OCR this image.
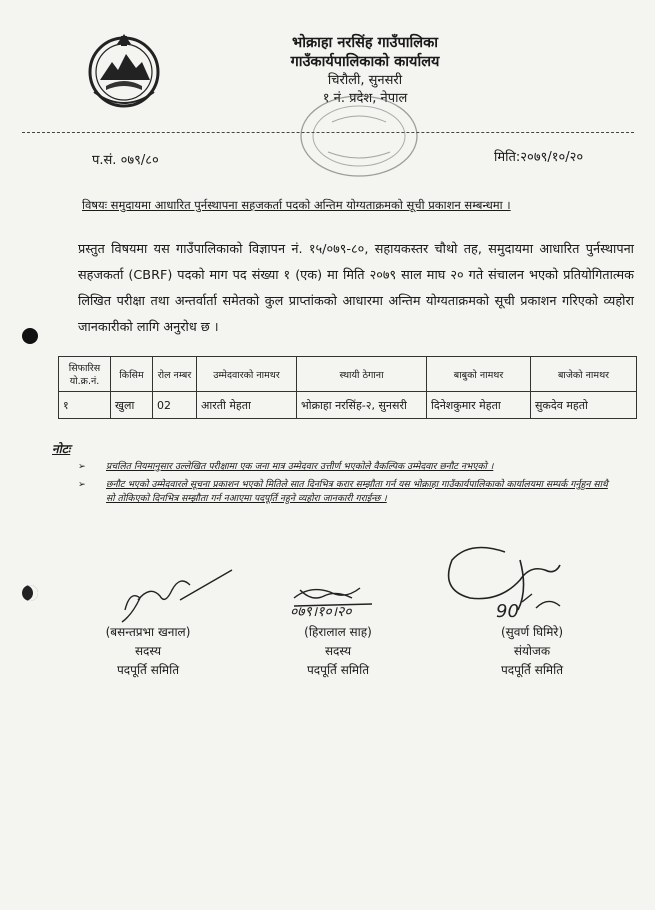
भोक्राहा नरसिंह गाउँपालिका
गाउँकार्यपालिकाको कार्यालय
चिरौली, सुनसरी
१ नं. प्रदेश, नेपाल
प.सं. ०७९/८०	मिति:२०७९/१०/२०
विषयः समुदायमा आधारित पुर्नस्थापना सहजकर्ता पदको अन्तिम योग्यताक्रमको सूची प्रकाशन सम्बन्धमा ।
प्रस्तुत विषयमा यस गाउँपालिकाको विज्ञापन नं. १५/०७९-८०, सहायकस्तर चौथो तह, समुदायमा आधारित पुर्नस्थापना सहजकर्ता (CBRF) पदको माग पद संख्या १ (एक) मा मिति २०७९ साल माघ २० गते संचालन भएको प्रतियोगितात्मक लिखित परीक्षा तथा अन्तर्वार्ता समेतको कुल प्राप्तांकको आधारमा अन्तिम योग्यताक्रमको सूची प्रकाशन गरिएको व्यहोरा जानकारीको लागि अनुरोध छ ।
सिफारिस यो.क्र.नं.	किसिम	रोल नम्बर	उम्मेदवारको नामथर	स्थायी ठेगाना	बाबुको नामथर	बाजेको नामथर
१	खुला	02	आरती मेहता	भोक्राहा नरसिंह-२, सुनसरी	दिनेशकुमार मेहता	सुकदेव महतो
नोटः
➢ प्रचलित नियमानुसार उल्लेखित परीक्षामा एक जना मात्र उम्मेदवार उत्तीर्ण भएकोले वैकल्पिक उम्मेदवार छनौट नभएको ।
➢ छनौट भएको उम्मेदवारले सूचना प्रकाशन भएको मितिले सात दिनभित्र करार सम्झौता गर्न यस भोक्राहा गाउँकार्यपालिकाको कार्यालयमा सम्पर्क गर्नुहुन साथै सो तोकिएको दिनभित्र सम्झौता गर्न नआएमा पदपूर्ति नहुने व्यहोरा जानकारी गराईन्छ ।
०७९।१०।२०	90
(बसन्तप्रभा खनाल)
सदस्य
पदपूर्ति समिति
(हिरालाल साह)
सदस्य
पदपूर्ति समिति
(सुवर्ण घिमिरे)
संयोजक
पदपूर्ति समिति
